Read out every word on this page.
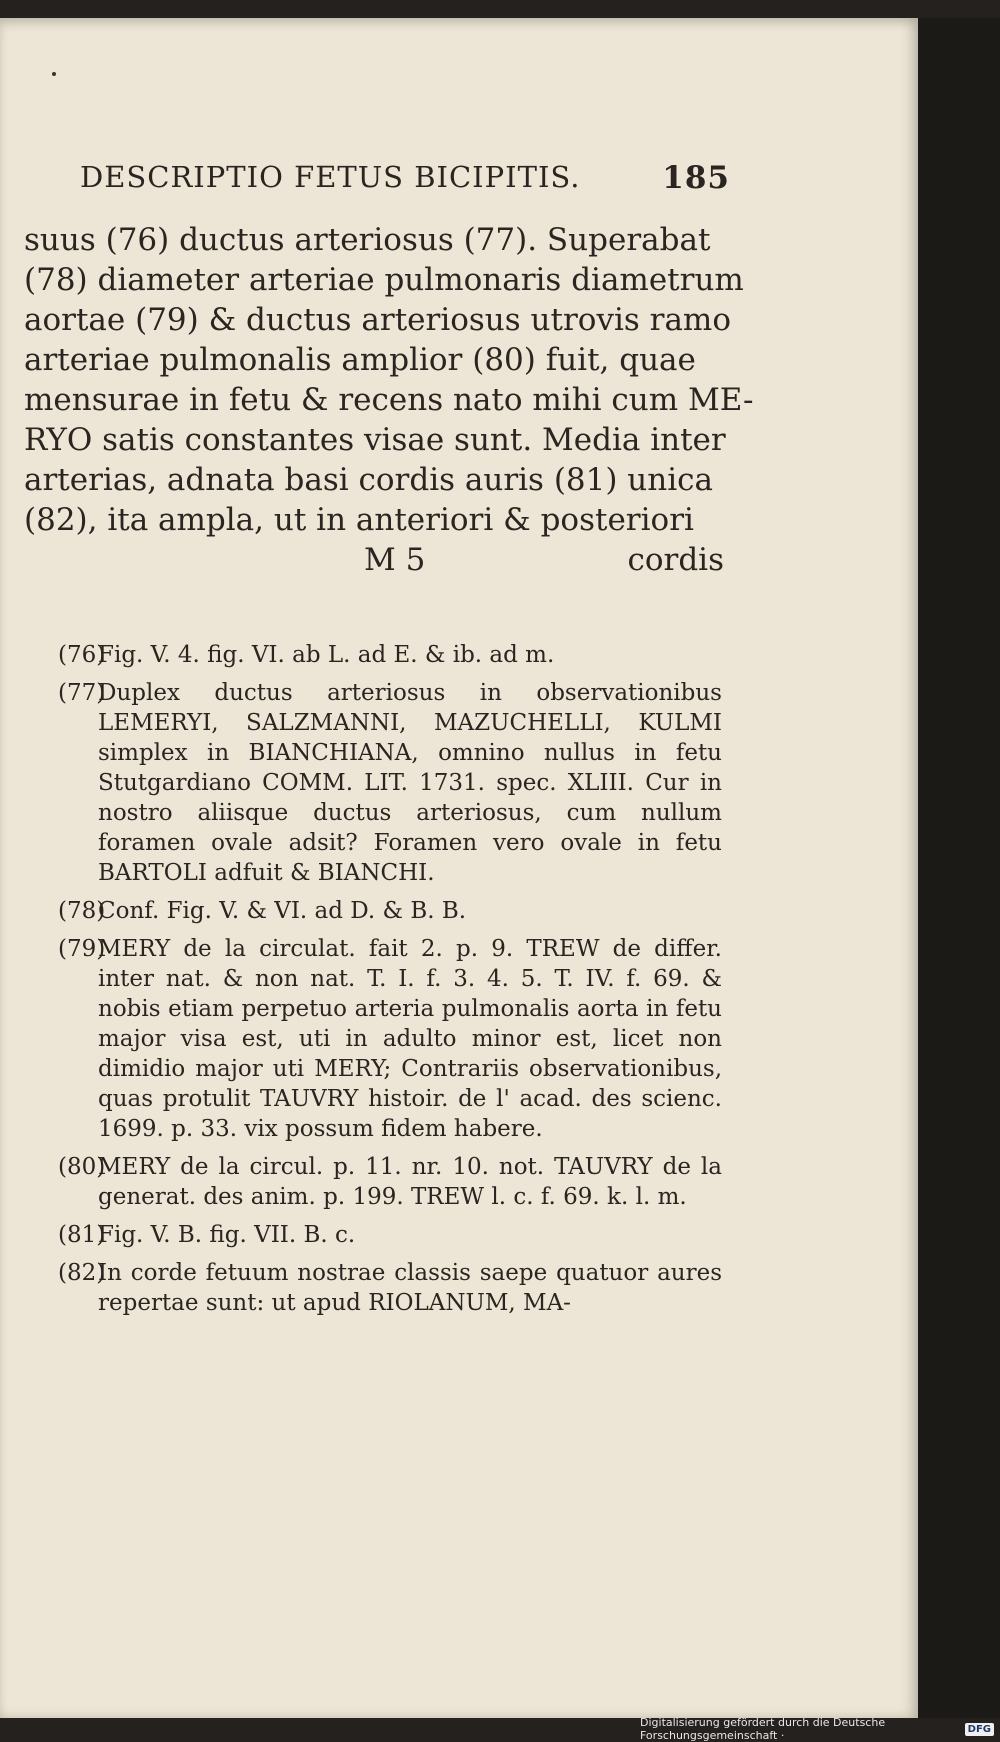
DESCRIPTIO FETUS BICIPITIS.	185
suus (76) ductus arteriosus (77). Superabat
(78) diameter arteriae pulmonaris diametrum
aortae (79) & ductus arteriosus utrovis ramo
arteriae pulmonalis amplior (80) fuit, quae
mensurae in fetu & recens nato mihi cum ME-
RYO satis constantes visae sunt. Media inter
arterias, adnata basi cordis auris (81) unica
(82), ita ampla, ut in anteriori & posteriori
M 5	cordis
(76)
Fig. V. 4. fig. VI. ab L. ad E. & ib. ad m.
(77)
Duplex ductus arteriosus in observationibus LEMERYI, SALZMANNI, MAZUCHELLI, KULMI simplex in BIANCHIANA, omnino nullus in fetu Stutgardiano COMM. LIT. 1731. spec. XLIII. Cur in nostro aliisque ductus arteriosus, cum nullum foramen ovale adsit? Foramen vero ovale in fetu BARTOLI adfuit & BIANCHI.
(78)
Conf. Fig. V. & VI. ad D. & B. B.
(79)
MERY de la circulat. fait 2. p. 9. TREW de differ. inter nat. & non nat. T. I. f. 3. 4. 5. T. IV. f. 69. & nobis etiam perpetuo arteria pulmonalis aorta in fetu major visa est, uti in adulto minor est, licet non dimidio major uti MERY; Contrariis observationibus, quas protulit TAUVRY histoir. de l' acad. des scienc. 1699. p. 33. vix possum fidem habere.
(80)
MERY de la circul. p. 11. nr. 10. not. TAUVRY de la generat. des anim. p. 199. TREW l. c. f. 69. k. l. m.
(81)
Fig. V. B. fig. VII. B. c.
(82)
In corde fetuum nostrae classis saepe quatuor aures repertae sunt: ut apud RIOLANUM, MA-
Digitalisierung gefördert durch die Deutsche Forschungsgemeinschaft ·	DFG
